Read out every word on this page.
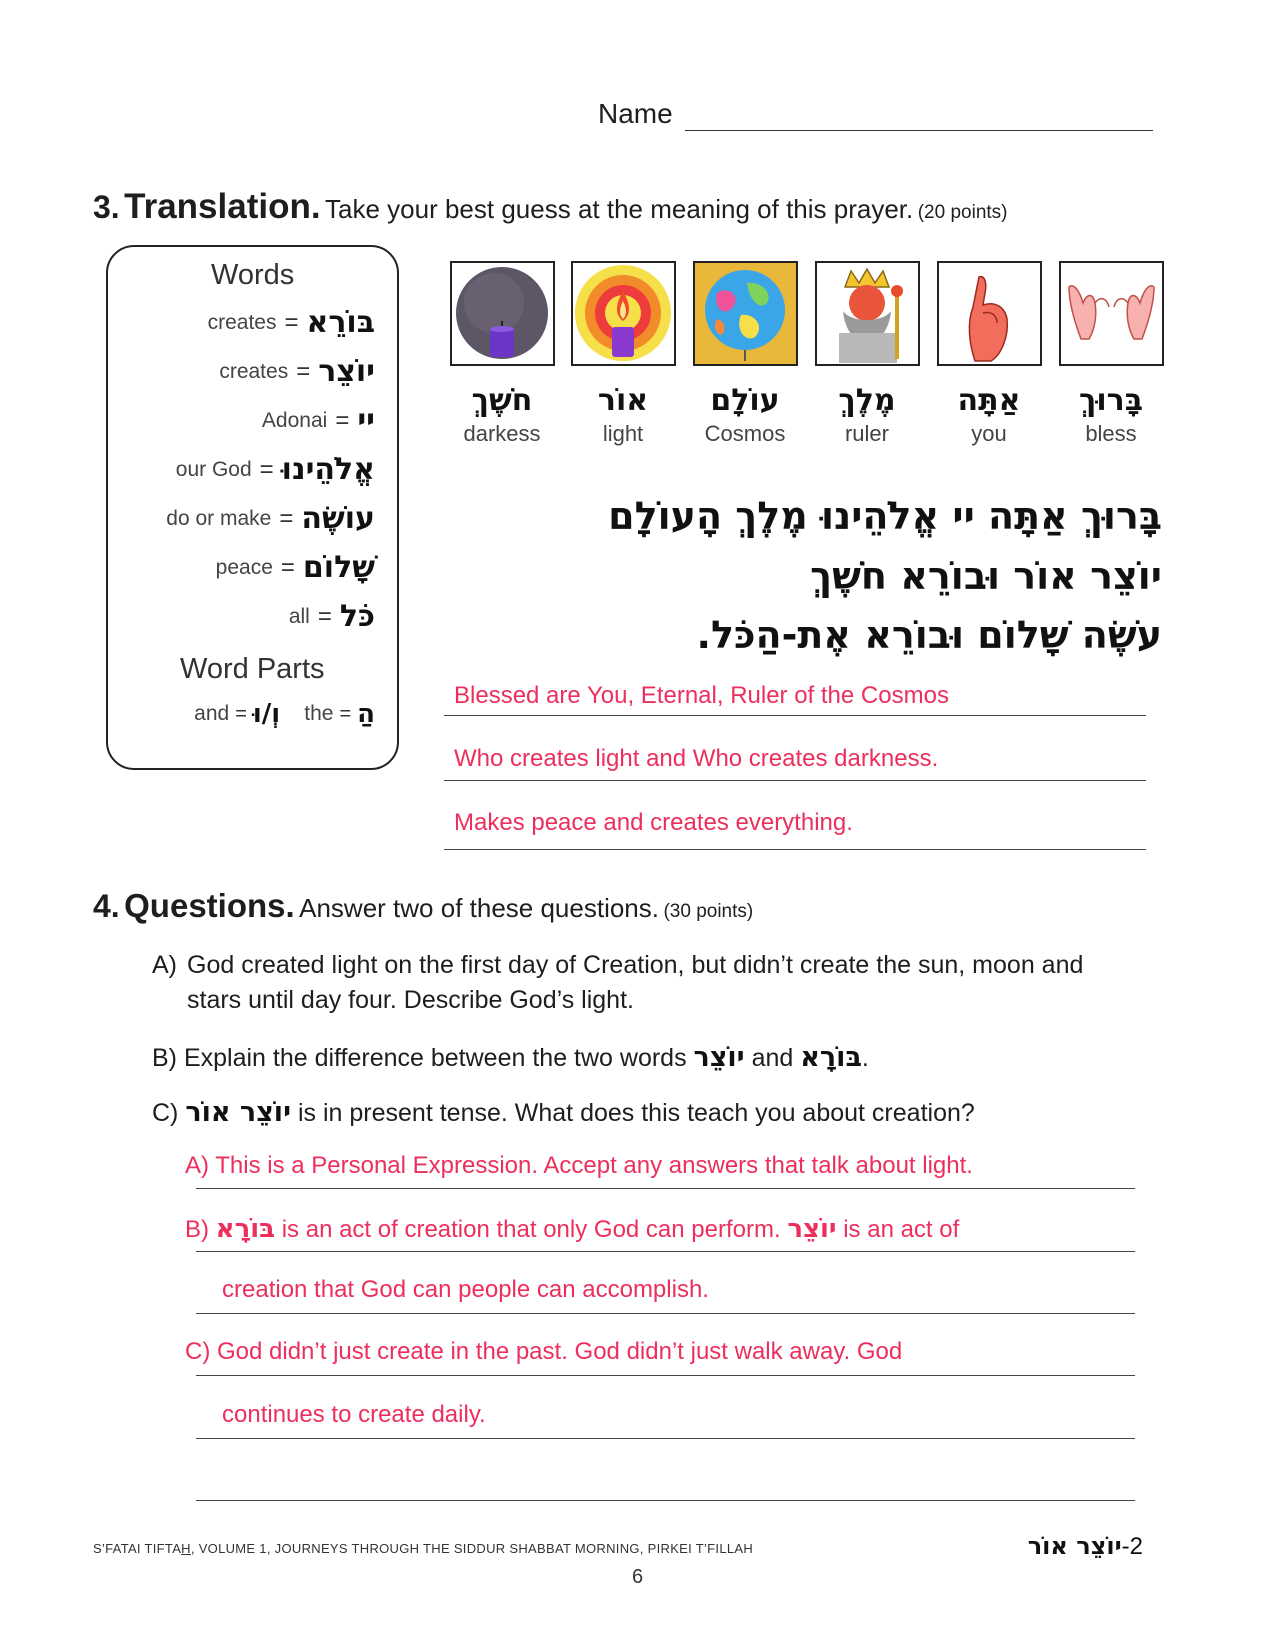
Name
3. Translation. Take your best guess at the meaning of this prayer. (20 points)
Words
creates = בּוֹרֵא
creates = יוֹצֵר
Adonai = יי
our God = אֱלֹהֵינוּ
do or make = עוֹשֶׂה
peace = שָׁלוֹם
all = כֹּל
Word Parts
and = וְ/וּ the = הַ
חֹשֶׁךְ
darkess
אוֹר
light
עוֹלָם
Cosmos
מֶלֶךְ
ruler
אַתָּה
you
בָּרוּךְ
bless
בָּרוּךְ אַתָּה יי אֱלֹהֵינוּ מֶלֶךְ הָעוֹלָם
יוֹצֵר אוֹר וּבוֹרֵא חֹשֶׁךְ
עֹשֶׂה שָׁלוֹם וּבוֹרֵא אֶת-הַכֹּל.
Blessed are You, Eternal, Ruler of the Cosmos
Who creates light and Who creates darkness.
Makes peace and creates everything.
4. Questions. Answer two of these questions. (30 points)
A) God created light on the first day of Creation, but didn’t create the sun, moon and
stars until day four. Describe God’s light.
B) Explain the difference between the two words יוֹצֵר and בּוֹרָא.
C) יוֹצֵר אוֹר is in present tense. What does this teach you about creation?
A) This is a Personal Expression. Accept any answers that talk about light.
B) בּוֹרָא is an act of creation that only God can perform. יוֹצֵר is an act of
creation that God can people can accomplish.
C) God didn’t just create in the past. God didn’t just walk away. God
continues to create daily.
S’FATAI TIFTAH, VOLUME 1, JOURNEYS THROUGH THE SIDDUR SHABBAT MORNING, PIRKEI T’FILLAH	יוֹצֵר אוֹר-2
6
